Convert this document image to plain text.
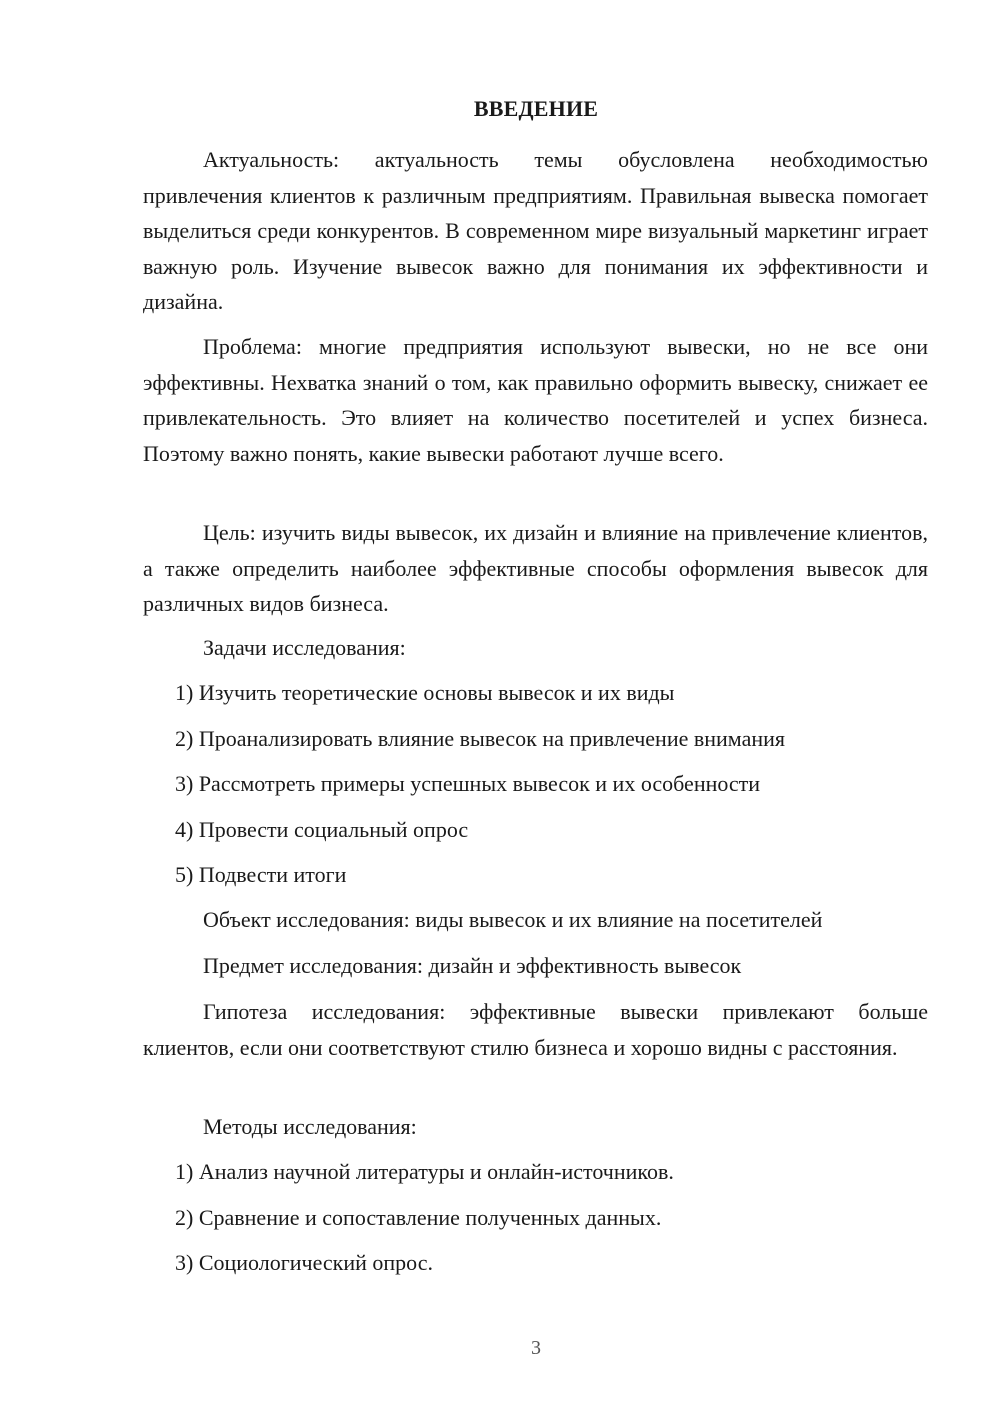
ВВЕДЕНИЕ

Актуальность: актуальность темы обусловлена необходимостью привлечения клиентов к различным предприятиям. Правильная вывеска помогает выделиться среди конкурентов. В современном мире визуальный маркетинг играет важную роль. Изучение вывесок важно для понимания их эффективности и дизайна.

Проблема: многие предприятия используют вывески, но не все они эффективны. Нехватка знаний о том, как правильно оформить вывеску, снижает ее привлекательность. Это влияет на количество посетителей и успех бизнеса. Поэтому важно понять, какие вывески работают лучше всего.

Цель: изучить виды вывесок, их дизайн и влияние на привлечение клиентов, а также определить наиболее эффективные способы оформления вывесок для различных видов бизнеса.

Задачи исследования:
1) Изучить теоретические основы вывесок и их виды
2) Проанализировать влияние вывесок на привлечение внимания
3) Рассмотреть примеры успешных вывесок и их особенности
4) Провести социальный опрос
5) Подвести итоги
Объект исследования: виды вывесок и их влияние на посетителей
Предмет исследования: дизайн и эффективность вывесок

Гипотеза исследования: эффективные вывески привлекают больше клиентов, если они соответствуют стилю бизнеса и хорошо видны с расстояния.

Методы исследования:
1) Анализ научной литературы и онлайн-источников.
2) Сравнение и сопоставление полученных данных.
3) Социологический опрос.
3
